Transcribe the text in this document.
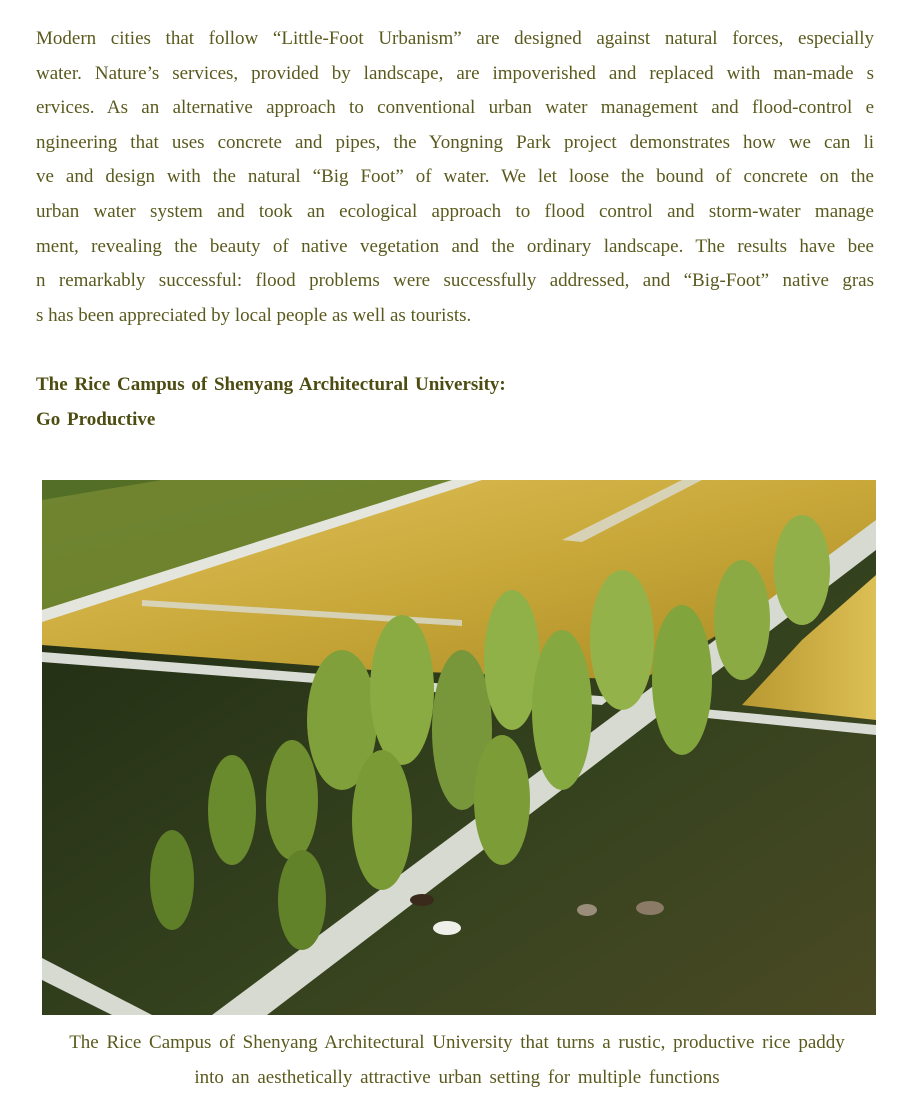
Modern cities that follow “Little-Foot Urbanism” are designed against natural forces, especially
water. Nature’s services, provided by landscape, are impoverished and replaced with man-made s
ervices. As an alternative approach to conventional urban water management and flood-control e
ngineering that uses concrete and pipes, the Yongning Park project demonstrates how we can li
ve and design with the natural “Big Foot” of water. We let loose the bound of concrete on the
urban water system and took an ecological approach to flood control and storm-water manage
ment, revealing the beauty of native vegetation and the ordinary landscape. The results have bee
n remarkably successful: flood problems were successfully addressed, and “Big-Foot” native gras
s has been appreciated by local people as well as tourists.
The Rice Campus of Shenyang Architectural University:
Go Productive
The Rice Campus of Shenyang Architectural University that turns a rustic, productive rice paddy
into an aesthetically attractive urban setting for multiple functions
